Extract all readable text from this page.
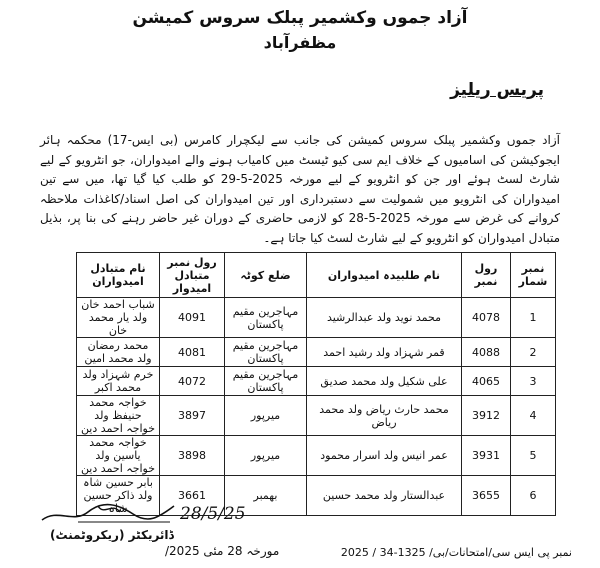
آزاد جموں وکشمیر پبلک سروس کمیشن
مظفرآباد
پریس ریلیز
آزاد جموں وکشمیر پبلک سروس کمیشن کی جانب سے لیکچرار کامرس (بی ایس-17) محکمہ ہائر ایجوکیشن کی اسامیوں کے خلاف ایم سی کیو ٹیسٹ میں کامیاب ہونے والے امیدواران، جو انٹرویو کے لیے شارٹ لسٹ ہوئے اور جن کو انٹرویو کے لیے مورخہ 2025-5-29 کو طلب کیا گیا تھا، میں سے تین امیدواران کی انٹرویو میں شمولیت سے دستبرداری اور تین امیدواران کی اصل اسناد/کاغذات ملاحظہ کروانے کی غرض سے مورخہ 2025-5-28 کو لازمی حاضری کے دوران غیر حاضر رہنے کی بنا پر، بذیل متبادل امیدواران کو انٹرویو کے لیے شارٹ لسٹ کیا جاتا ہے۔
نمبر شمار	رول نمبر	نام طلبیدہ امیدواران	ضلع کوٹہ	رول نمبر متبادل امیدوار	نام متبادل امیدواران
1	4078	محمد نوید ولد عبدالرشید	مہاجرین مقیم پاکستان	4091	شباب احمد خان ولد یار محمد خان
2	4088	قمر شہزاد ولد رشید احمد	مہاجرین مقیم پاکستان	4081	محمد رمضان ولد محمد امین
3	4065	علی شکیل ولد محمد صدیق	مہاجرین مقیم پاکستان	4072	خرم شہزاد ولد محمد اکبر
4	3912	محمد حارث ریاض ولد محمد ریاض	میرپور	3897	خواجہ محمد حنیفظ ولد خواجہ احمد دین
5	3931	عمر انیس ولد اسرار محمود	میرپور	3898	خواجہ محمد یاسین ولد خواجہ احمد دین
6	3655	عبدالستار ولد محمد حسین	بھمبر	3661	بابر حسین شاہ ولد ذاکر حسین شاہ	28/5/25
ڈائریکٹر (ریکروٹمنٹ)
نمبر پی ایس سی/امتحانات/بی/ 1325-34 / 2025
مورخہ 28 مئی 2025/
